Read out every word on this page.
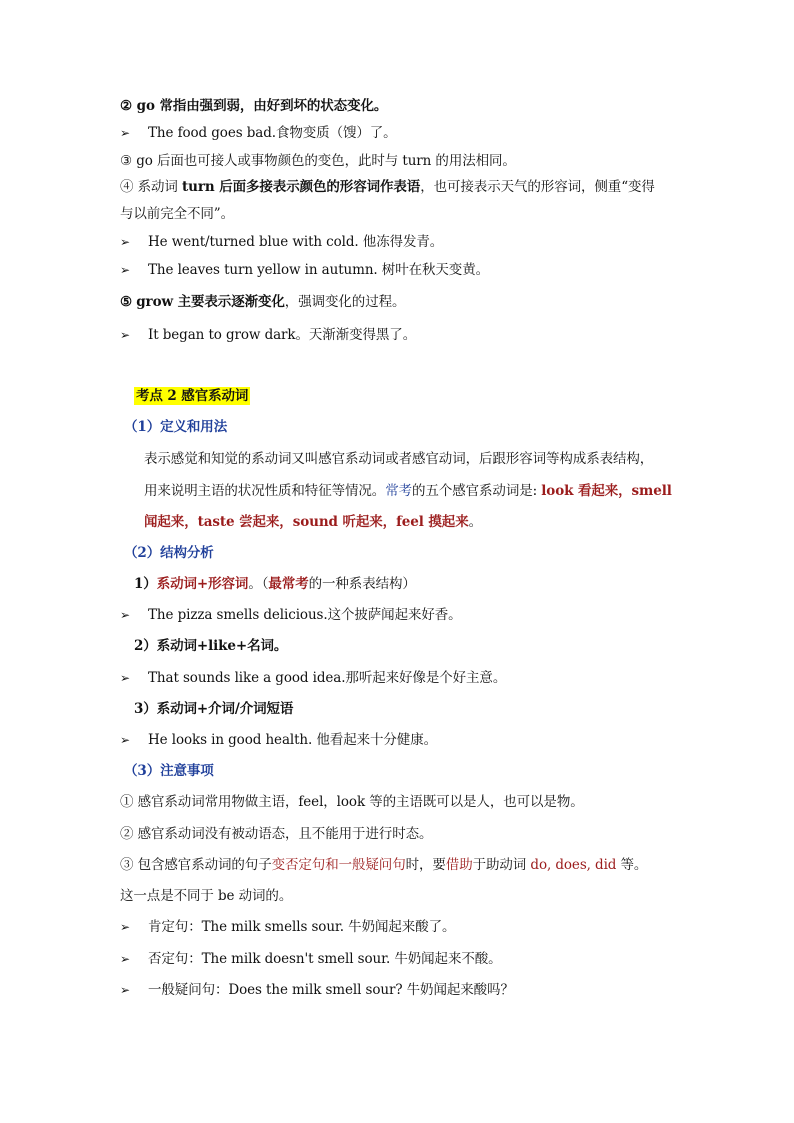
② go 常指由强到弱，由好到坏的状态变化。
➢ The food goes bad.食物变质（馊）了。
③ go 后面也可接人或事物颜色的变色，此时与 turn 的用法相同。
④ 系动词 turn 后面多接表示颜色的形容词作表语，也可接表示天气的形容词，侧重“变得
与以前完全不同”。
➢ He went/turned blue with cold. 他冻得发青。
➢ The leaves turn yellow in autumn. 树叶在秋天变黄。
⑤ grow 主要表示逐渐变化，强调变化的过程。
➢ It began to grow dark。天渐渐变得黑了。
考点 2 感官系动词
（1）定义和用法
表示感觉和知觉的系动词又叫感官系动词或者感官动词，后跟形容词等构成系表结构，
用来说明主语的状况性质和特征等情况。常考的五个感官系动词是: look 看起来，smell
闻起来，taste 尝起来，sound 听起来，feel 摸起来。
（2）结构分析
1）系动词+形容词。（最常考的一种系表结构）
➢ The pizza smells delicious.这个披萨闻起来好香。
2）系动词+like+名词。
➢ That sounds like a good idea.那听起来好像是个好主意。
3）系动词+介词/介词短语
➢ He looks in good health. 他看起来十分健康。
（3）注意事项
① 感官系动词常用物做主语，feel，look 等的主语既可以是人，也可以是物。
② 感官系动词没有被动语态，且不能用于进行时态。
③ 包含感官系动词的句子变否定句和一般疑问句时，要借助于助动词 do, does, did 等。
这一点是不同于 be 动词的。
➢ 肯定句：The milk smells sour. 牛奶闻起来酸了。
➢ 否定句：The milk doesn't smell sour. 牛奶闻起来不酸。
➢ 一般疑问句：Does the milk smell sour? 牛奶闻起来酸吗？
